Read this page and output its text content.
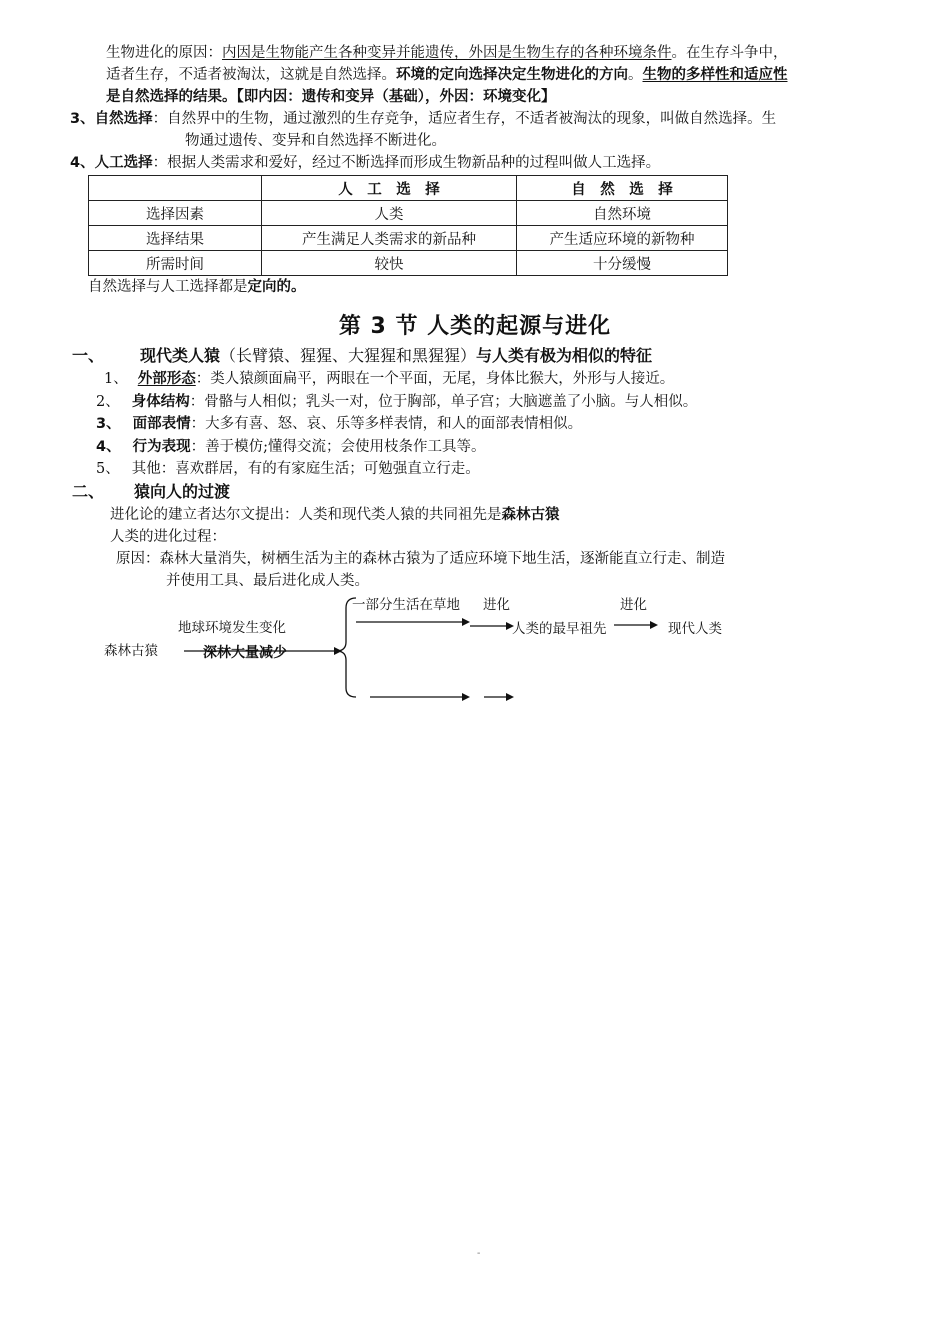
生物进化的原因：内因是生物能产生各种变异并能遗传，外因是生物生存的各种环境条件。在生存斗争中，
适者生存，不适者被淘汰，这就是自然选择。环境的定向选择决定生物进化的方向。生物的多样性和适应性
是自然选择的结果。【即内因：遗传和变异（基础），外因：环境变化】
3、自然选择：自然界中的生物，通过激烈的生存竞争，适应者生存，不适者被淘汰的现象，叫做自然选择。生
物通过遗传、变异和自然选择不断进化。
4、人工选择：根据人类需求和爱好，经过不断选择而形成生物新品种的过程叫做人工选择。
	人　工　选　择	自　然　选　择
选择因素	人类	自然环境
选择结果	产生满足人类需求的新品种	产生适应环境的新物种
所需时间	较快	十分缓慢
自然选择与人工选择都是定向的。
第 3 节 人类的起源与进化
一、 现代类人猿（长臂猿、猩猩、大猩猩和黑猩猩）与人类有极为相似的特征
1、 外部形态：类人猿颜面扁平，两眼在一个平面，无尾，身体比猴大，外形与人接近。
2、 身体结构：骨骼与人相似；乳头一对，位于胸部，单子宫；大脑遮盖了小脑。与人相似。
3、 面部表情：大多有喜、怒、哀、乐等多样表情，和人的面部表情相似。
4、 行为表现：善于模仿;懂得交流；会使用枝条作工具等。
5、 其他：喜欢群居，有的有家庭生活；可勉强直立行走。
二、 猿向人的过渡
进化论的建立者达尔文提出：人类和现代类人猿的共同祖先是森林古猿
人类的进化过程：
原因：森林大量消失，树栖生活为主的森林古猿为了适应环境下地生活，逐渐能直立行走、制造
并使用工具、最后进化成人类。
森林古猿
地球环境发生变化
深林大量减少
一部分生活在草地 进化
人类的最早祖先
进化
现代人类
-
